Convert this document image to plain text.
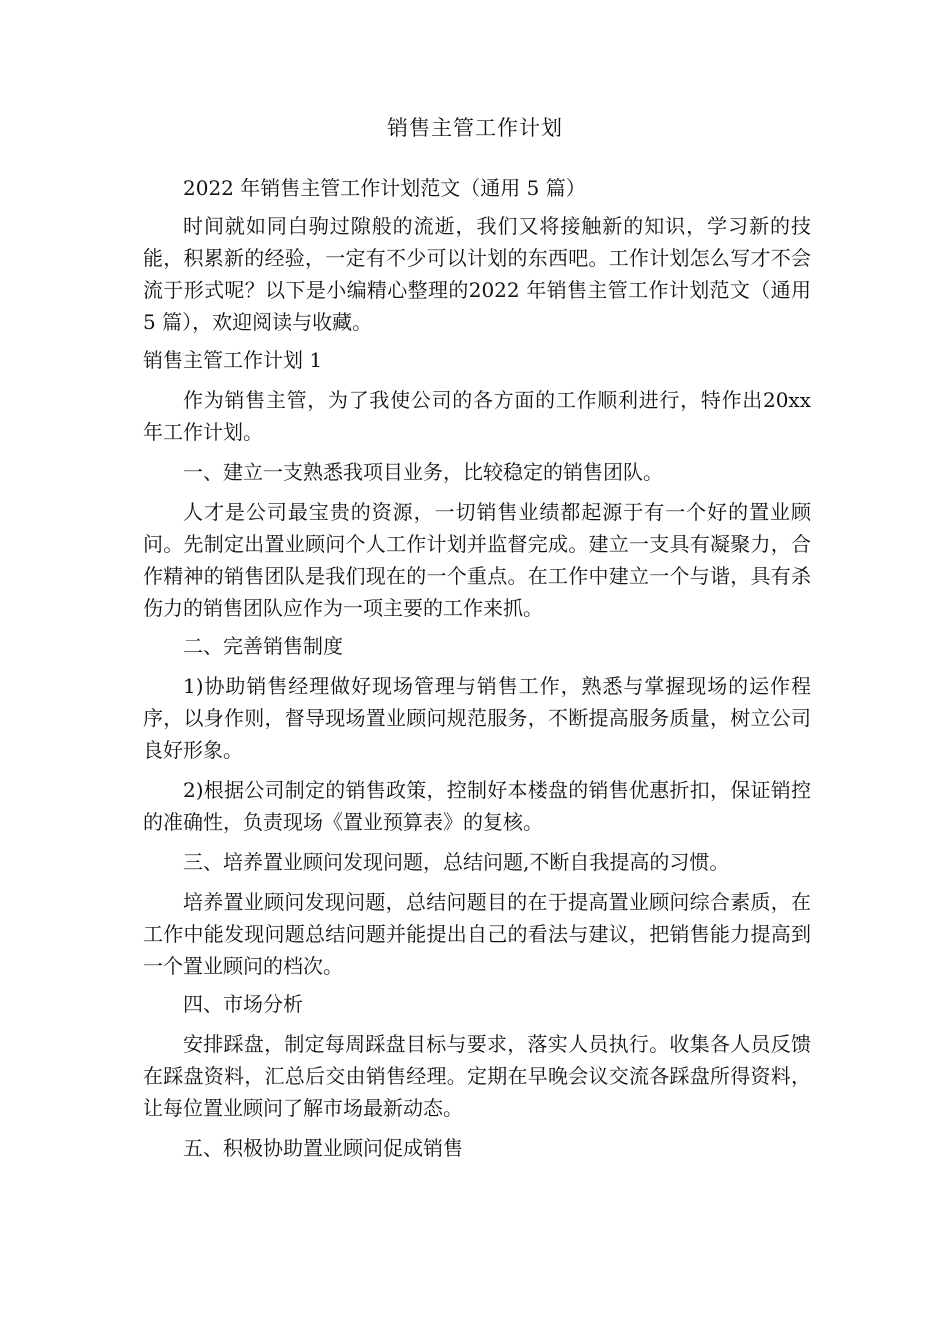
销售主管工作计划

2022 年销售主管工作计划范文（通用 5 篇）

时间就如同白驹过隙般的流逝，我们又将接触新的知识，学习新的技能，积累新的经验，一定有不少可以计划的东西吧。工作计划怎么写才不会流于形式呢？以下是小编精心整理的2022 年销售主管工作计划范文（通用 5 篇），欢迎阅读与收藏。

销售主管工作计划 1

作为销售主管，为了我使公司的各方面的工作顺利进行，特作出20xx 年工作计划。

一、建立一支熟悉我项目业务，比较稳定的销售团队。

人才是公司最宝贵的资源，一切销售业绩都起源于有一个好的置业顾问。先制定出置业顾问个人工作计划并监督完成。建立一支具有凝聚力，合作精神的销售团队是我们现在的一个重点。在工作中建立一个与谐，具有杀伤力的销售团队应作为一项主要的工作来抓。

二、完善销售制度

1)协助销售经理做好现场管理与销售工作，熟悉与掌握现场的运作程序，以身作则，督导现场置业顾问规范服务，不断提高服务质量，树立公司良好形象。

2)根据公司制定的销售政策，控制好本楼盘的销售优惠折扣，保证销控的准确性，负责现场《置业预算表》的复核。

三、培养置业顾问发现问题，总结问题,不断自我提高的习惯。

培养置业顾问发现问题，总结问题目的在于提高置业顾问综合素质，在工作中能发现问题总结问题并能提出自己的看法与建议，把销售能力提高到一个置业顾问的档次。

四、市场分析

安排踩盘，制定每周踩盘目标与要求，落实人员执行。收集各人员反馈在踩盘资料，汇总后交由销售经理。定期在早晚会议交流各踩盘所得资料，让每位置业顾问了解市场最新动态。

五、积极协助置业顾问促成销售
